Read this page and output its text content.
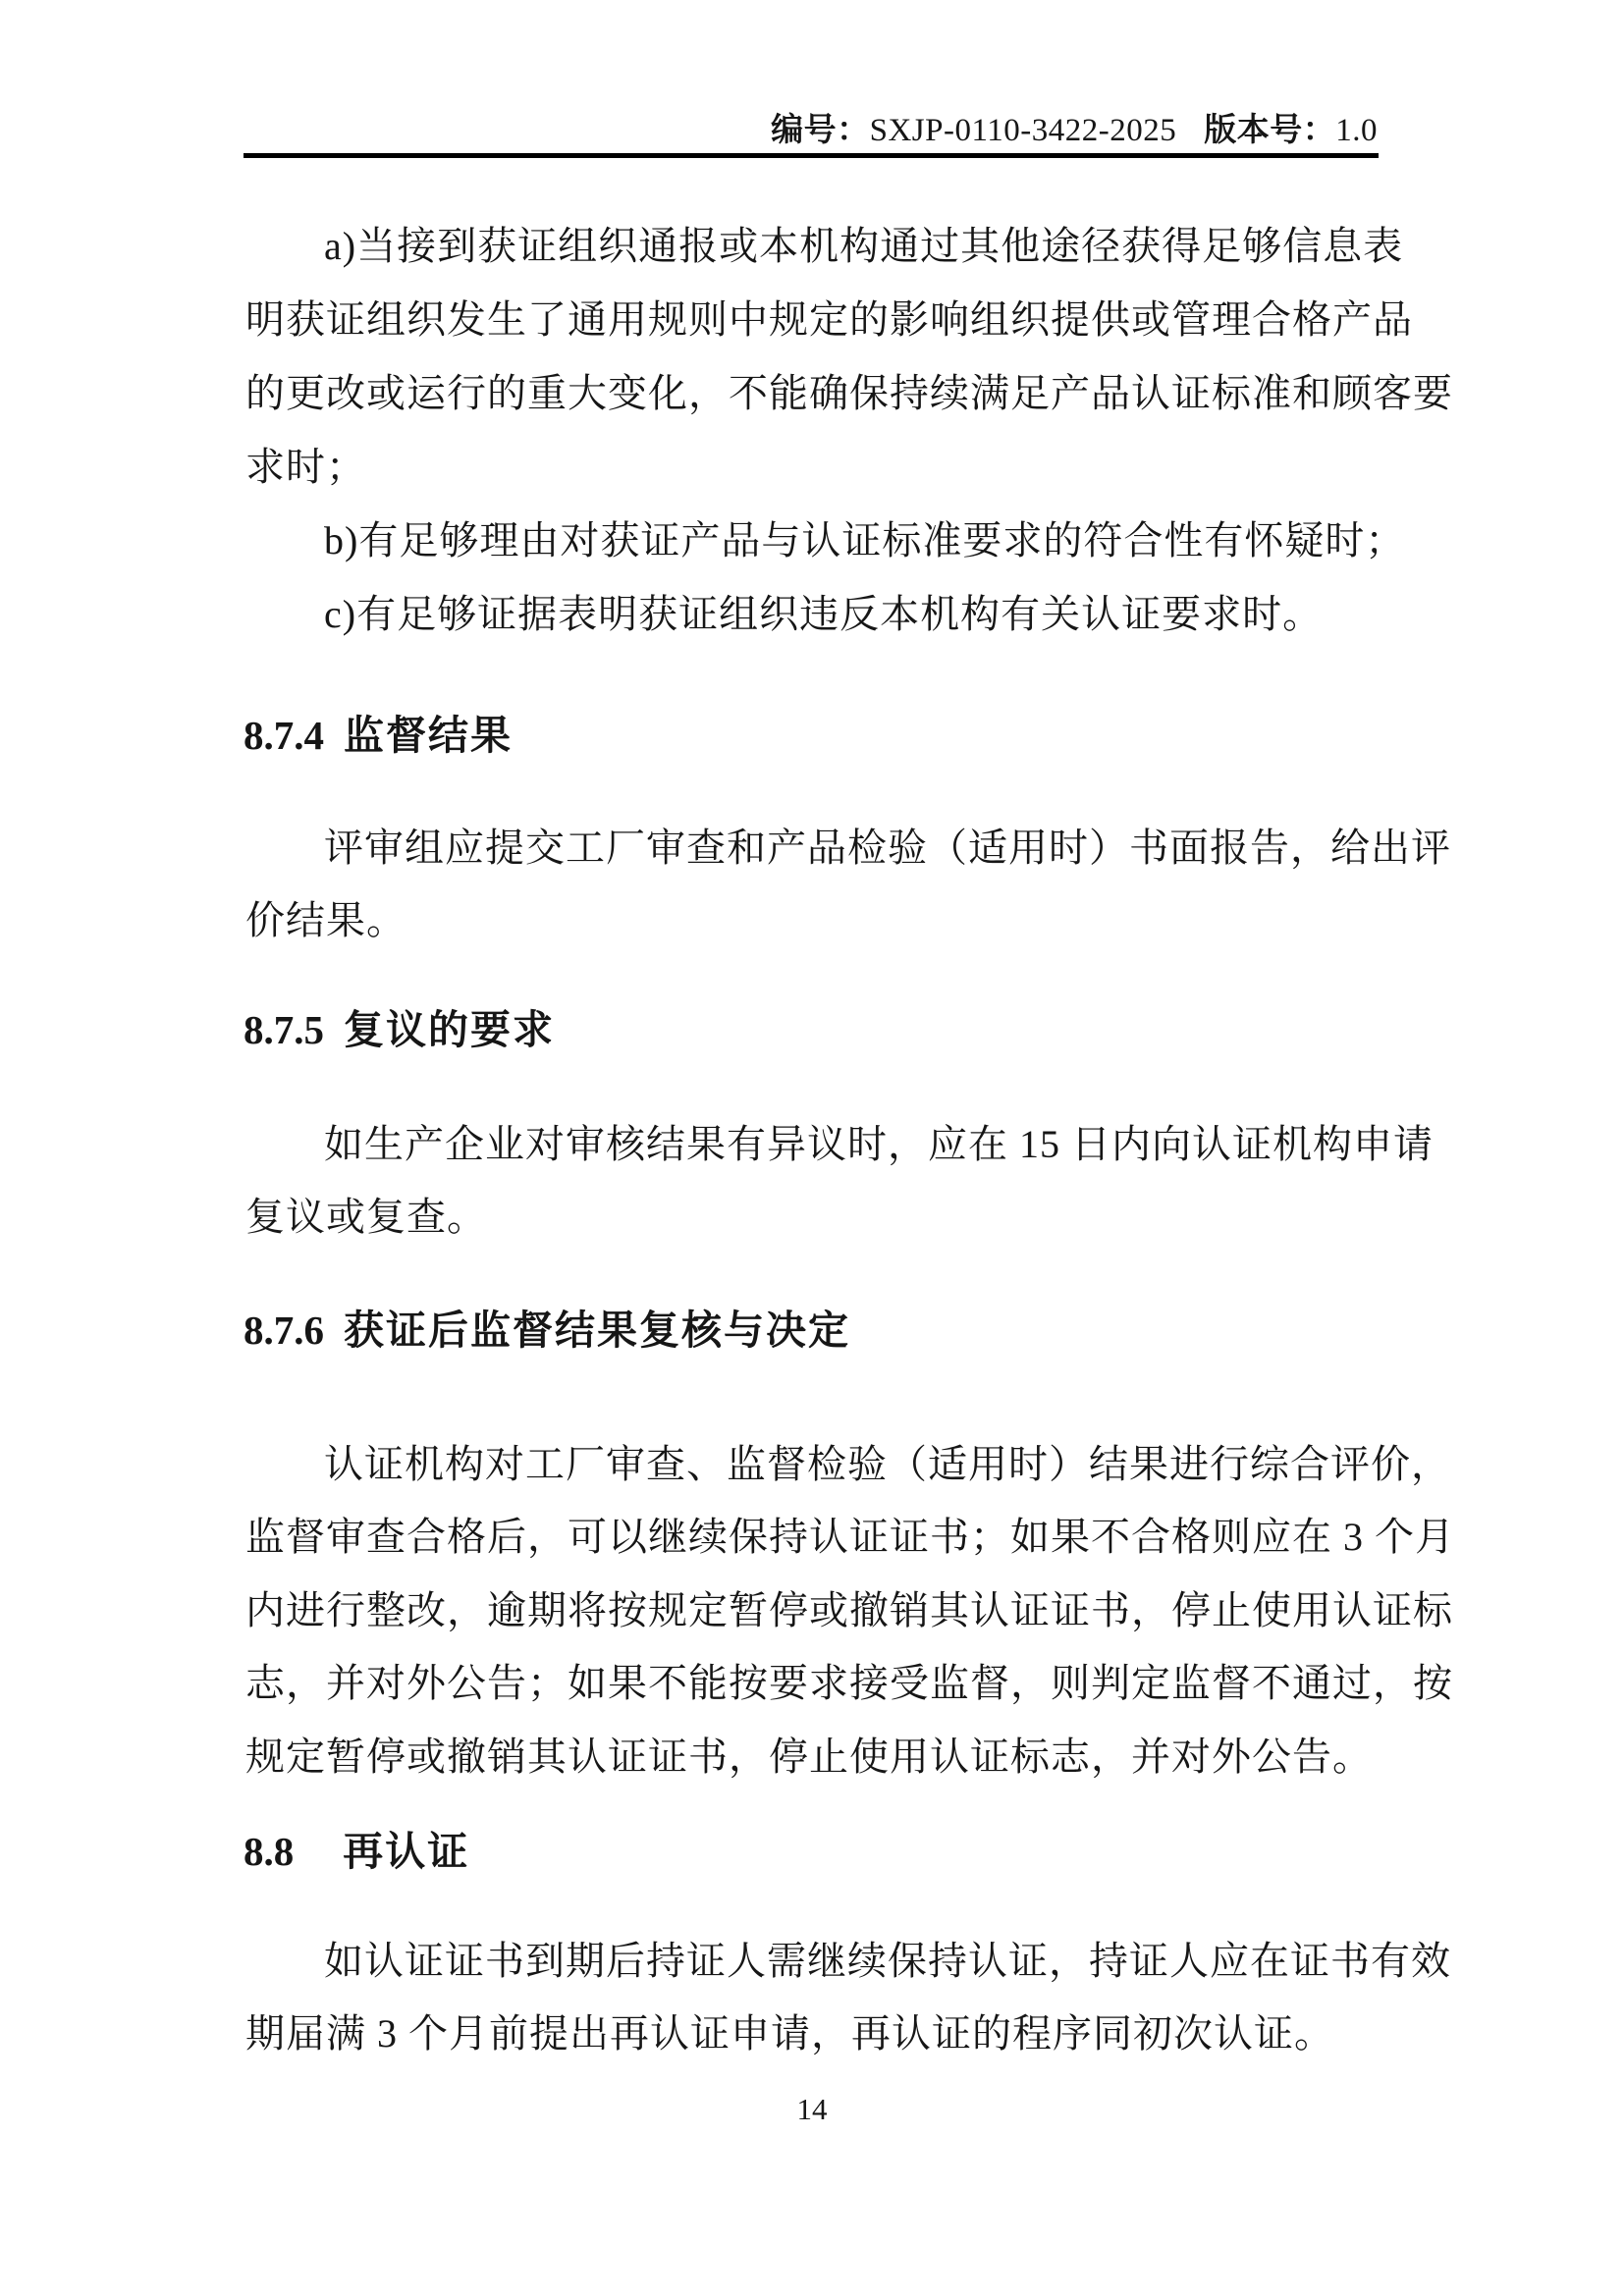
编号：SXJP-0110-3422-2025 版本号：1.0
a)当接到获证组织通报或本机构通过其他途径获得足够信息表
明获证组织发生了通用规则中规定的影响组织提供或管理合格产品
的更改或运行的重大变化，不能确保持续满足产品认证标准和顾客要
求时；
b)有足够理由对获证产品与认证标准要求的符合性有怀疑时；
c)有足够证据表明获证组织违反本机构有关认证要求时。
8.7.4 监督结果
评审组应提交工厂审查和产品检验（适用时）书面报告，给出评
价结果。
8.7.5 复议的要求
如生产企业对审核结果有异议时，应在 15 日内向认证机构申请
复议或复查。
8.7.6 获证后监督结果复核与决定
认证机构对工厂审查、监督检验（适用时）结果进行综合评价，
监督审查合格后，可以继续保持认证证书；如果不合格则应在 3 个月
内进行整改，逾期将按规定暂停或撤销其认证证书，停止使用认证标
志，并对外公告；如果不能按要求接受监督，则判定监督不通过，按
规定暂停或撤销其认证证书，停止使用认证标志，并对外公告。
8.8 再认证
如认证证书到期后持证人需继续保持认证，持证人应在证书有效
期届满 3 个月前提出再认证申请，再认证的程序同初次认证。
14
